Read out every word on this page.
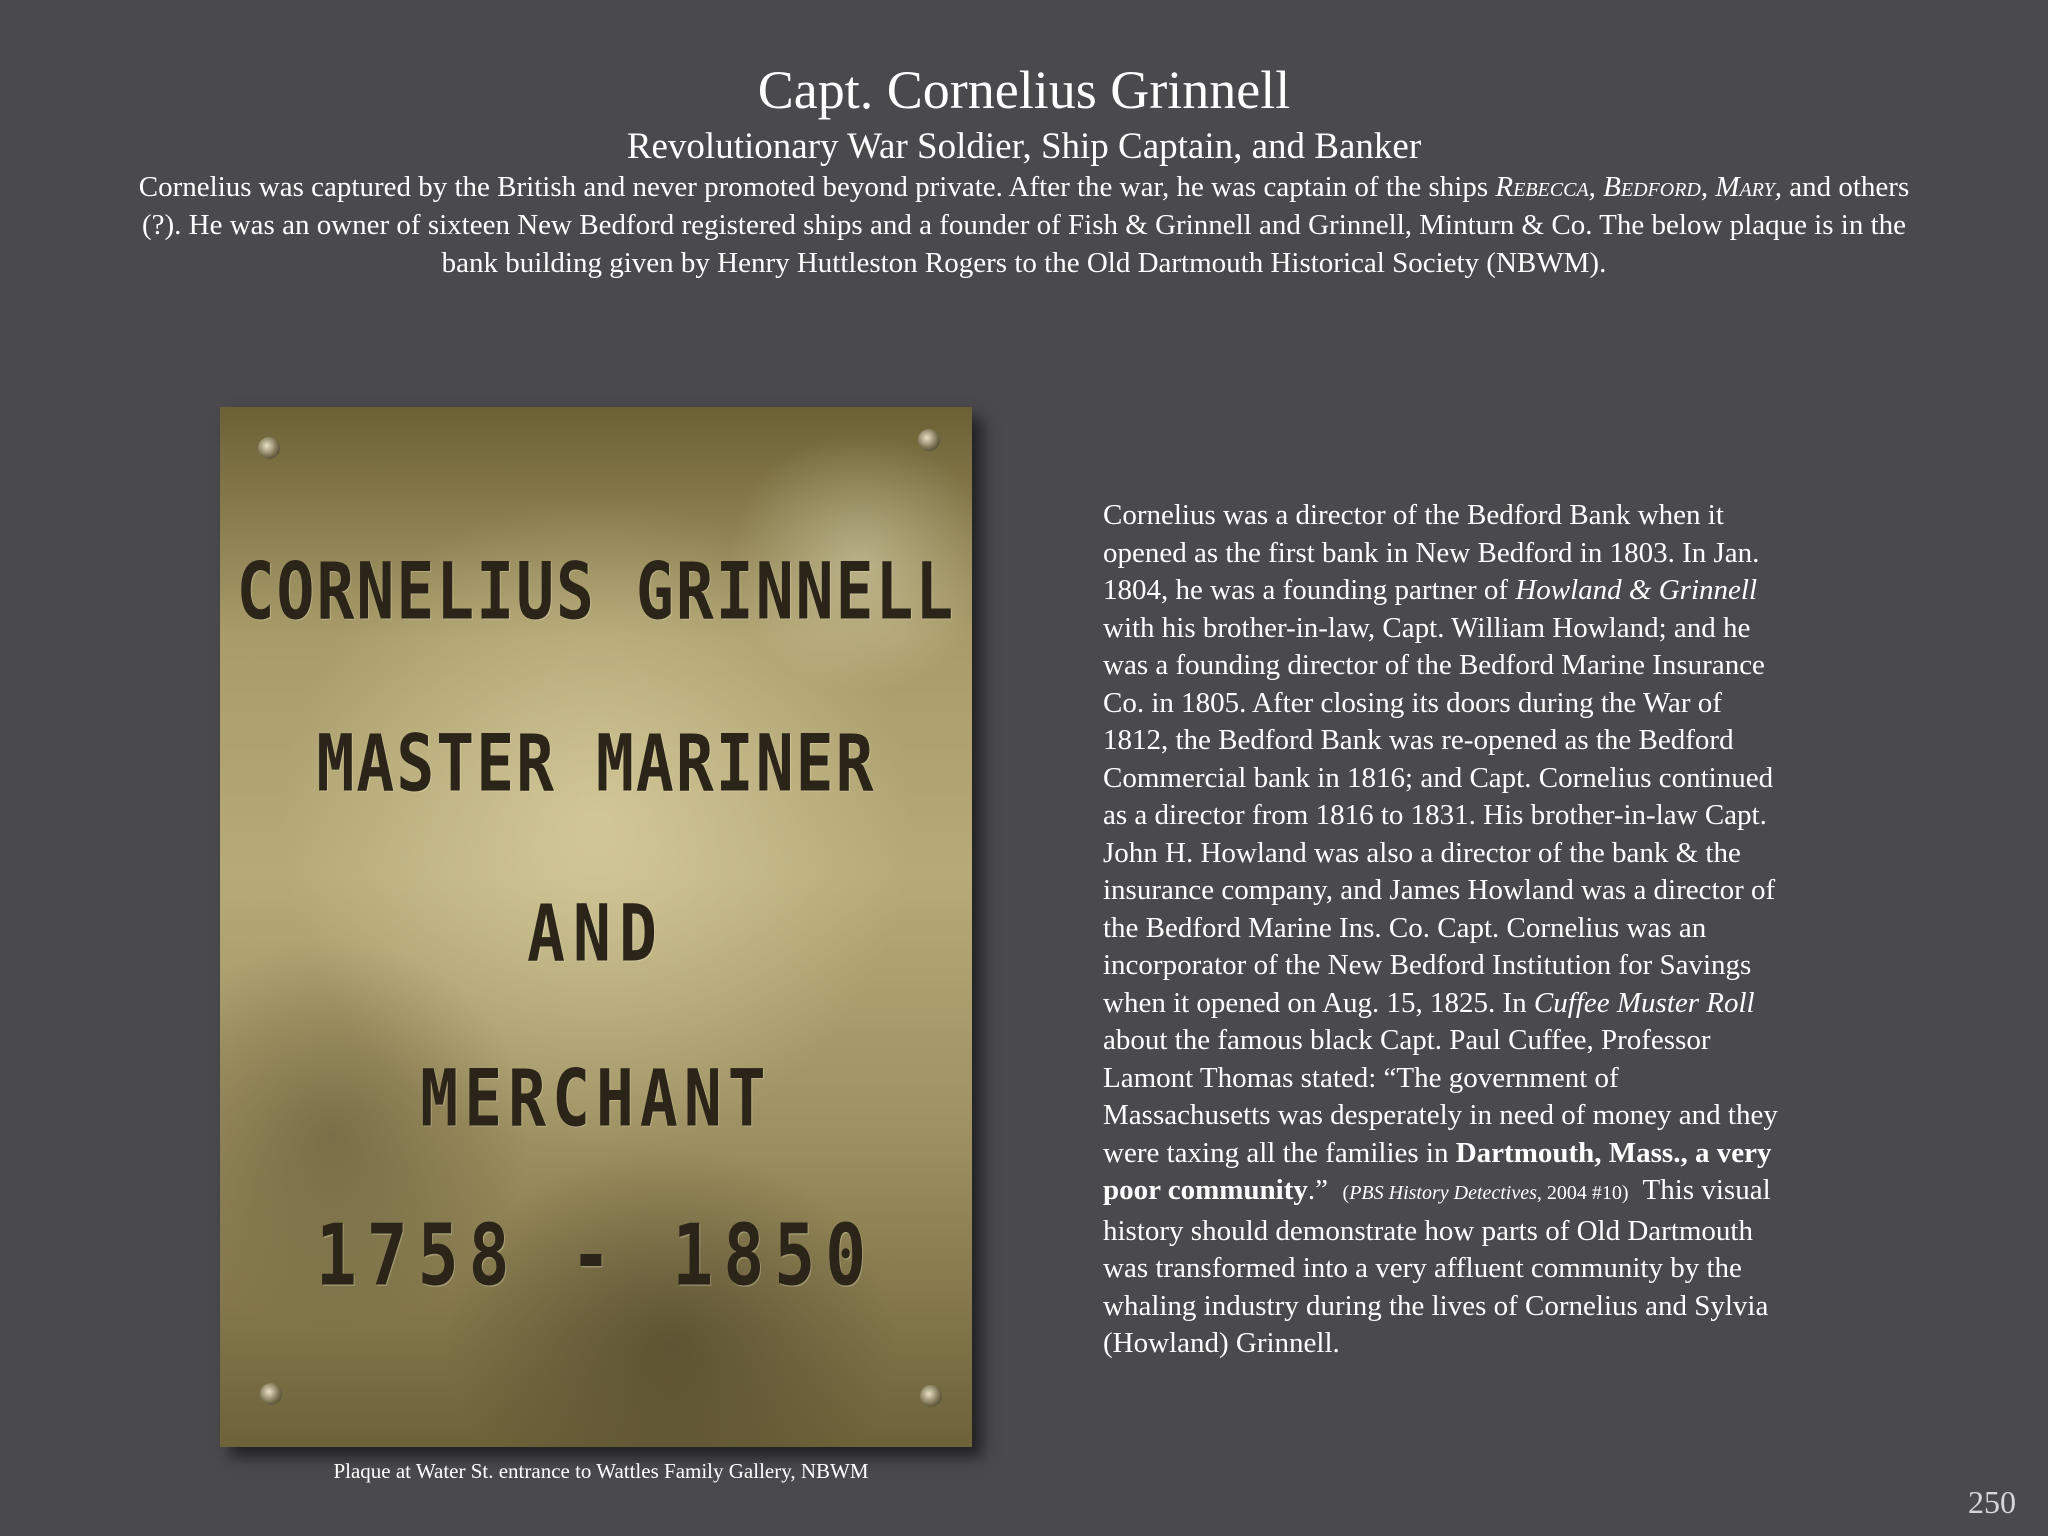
Capt. Cornelius Grinnell
Revolutionary War Soldier, Ship Captain, and Banker
Cornelius was captured by the British and never promoted beyond private. After the war, he was captain of the ships Rebecca, Bedford, Mary, and others (?). He was an owner of sixteen New Bedford registered ships and a founder of Fish & Grinnell and Grinnell, Minturn & Co. The below plaque is in the bank building given by Henry Huttleston Rogers to the Old Dartmouth Historical Society (NBWM).
CORNELIUS GRINNELL
MASTER MARINER
AND
MERCHANT
1758 - 1850
Plaque at Water St. entrance to Wattles Family Gallery, NBWM
Cornelius was a director of the Bedford Bank when it
opened as the first bank in New Bedford in 1803. In Jan.
1804, he was a founding partner of Howland & Grinnell
with his brother-in-law, Capt. William Howland; and he
was a founding director of the Bedford Marine Insurance
Co. in 1805. After closing its doors during the War of
1812, the Bedford Bank was re-opened as the Bedford
Commercial bank in 1816; and Capt. Cornelius continued
as a director from 1816 to 1831. His brother-in-law Capt.
John H. Howland was also a director of the bank & the
insurance company, and James Howland was a director of
the Bedford Marine Ins. Co. Capt. Cornelius was an
incorporator of the New Bedford Institution for Savings
when it opened on Aug. 15, 1825. In Cuffee Muster Roll
about the famous black Capt. Paul Cuffee, Professor
Lamont Thomas stated: “The government of
Massachusetts was desperately in need of money and they
were taxing all the families in Dartmouth, Mass., a very
poor community.”  (PBS History Detectives, 2004 #10)  This visual
history should demonstrate how parts of Old Dartmouth
was transformed into a very affluent community by the
whaling industry during the lives of Cornelius and Sylvia
(Howland) Grinnell.
250
